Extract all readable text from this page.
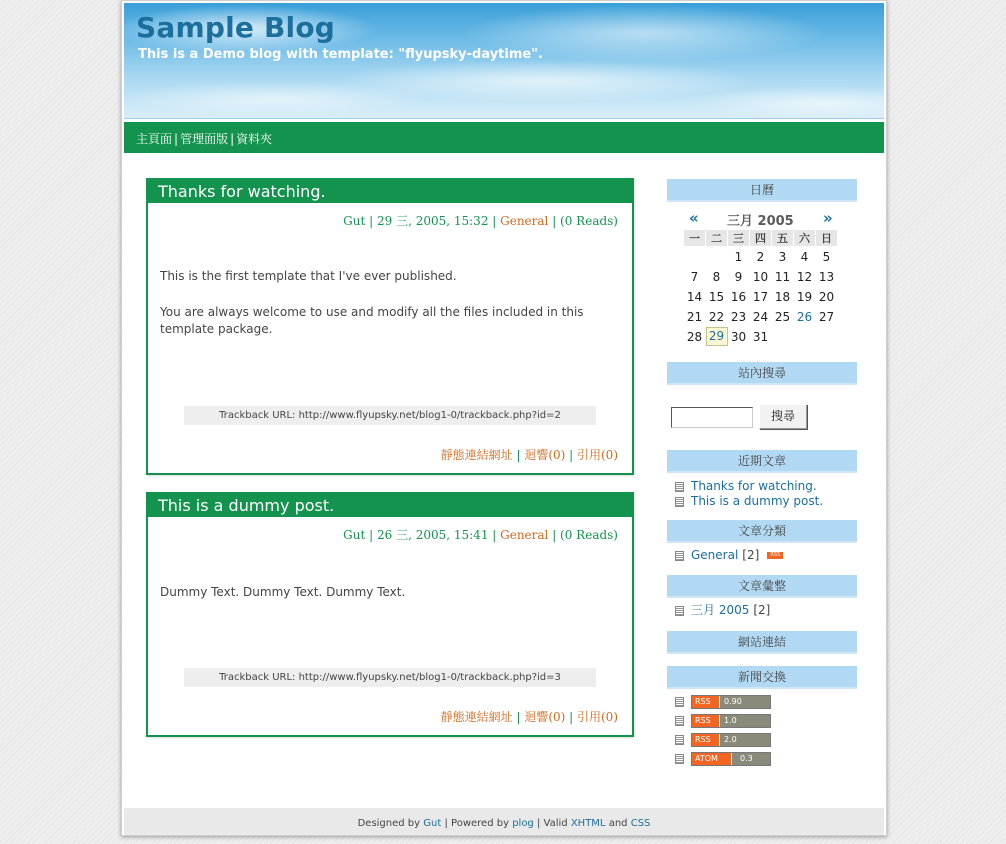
Sample Blog
This is a Demo blog with template: "flyupsky-daytime".
主頁面 | 管理面版 | 資料夾
Thanks for watching.
Gut | 29 三, 2005, 15:32 | General | (0 Reads)

This is the first template that I've ever published.

You are always welcome to use and modify all the files included in this template package.

Trackback URL: http://www.flyupsky.net/blog1-0/trackback.php?id=2
靜態連結網址 | 迴響(0) | 引用(0)
This is a dummy post.
Gut | 26 三, 2005, 15:41 | General | (0 Reads)

Dummy Text. Dummy Text. Dummy Text.

Trackback URL: http://www.flyupsky.net/blog1-0/trackback.php?id=3
靜態連結網址 | 迴響(0) | 引用(0)
日曆
« 三月 2005 »
一	二	三	四	五	六	日
		1	2	3	4	5
7	8	9	10	11	12	13
14	15	16	17	18	19	20
21	22	23	24	25	26	27
28	29	30	31			
站內搜尋
搜尋
近期文章
Thanks for watching.
This is a dummy post.
文章分類
General [2]	RSS
文章彙整
三月 2005 [2]
網站連結
新聞交換
RSS	0.90
RSS	1.0
RSS	2.0
ATOM	0.3
Designed by Gut | Powered by plog | Valid XHTML and CSS
